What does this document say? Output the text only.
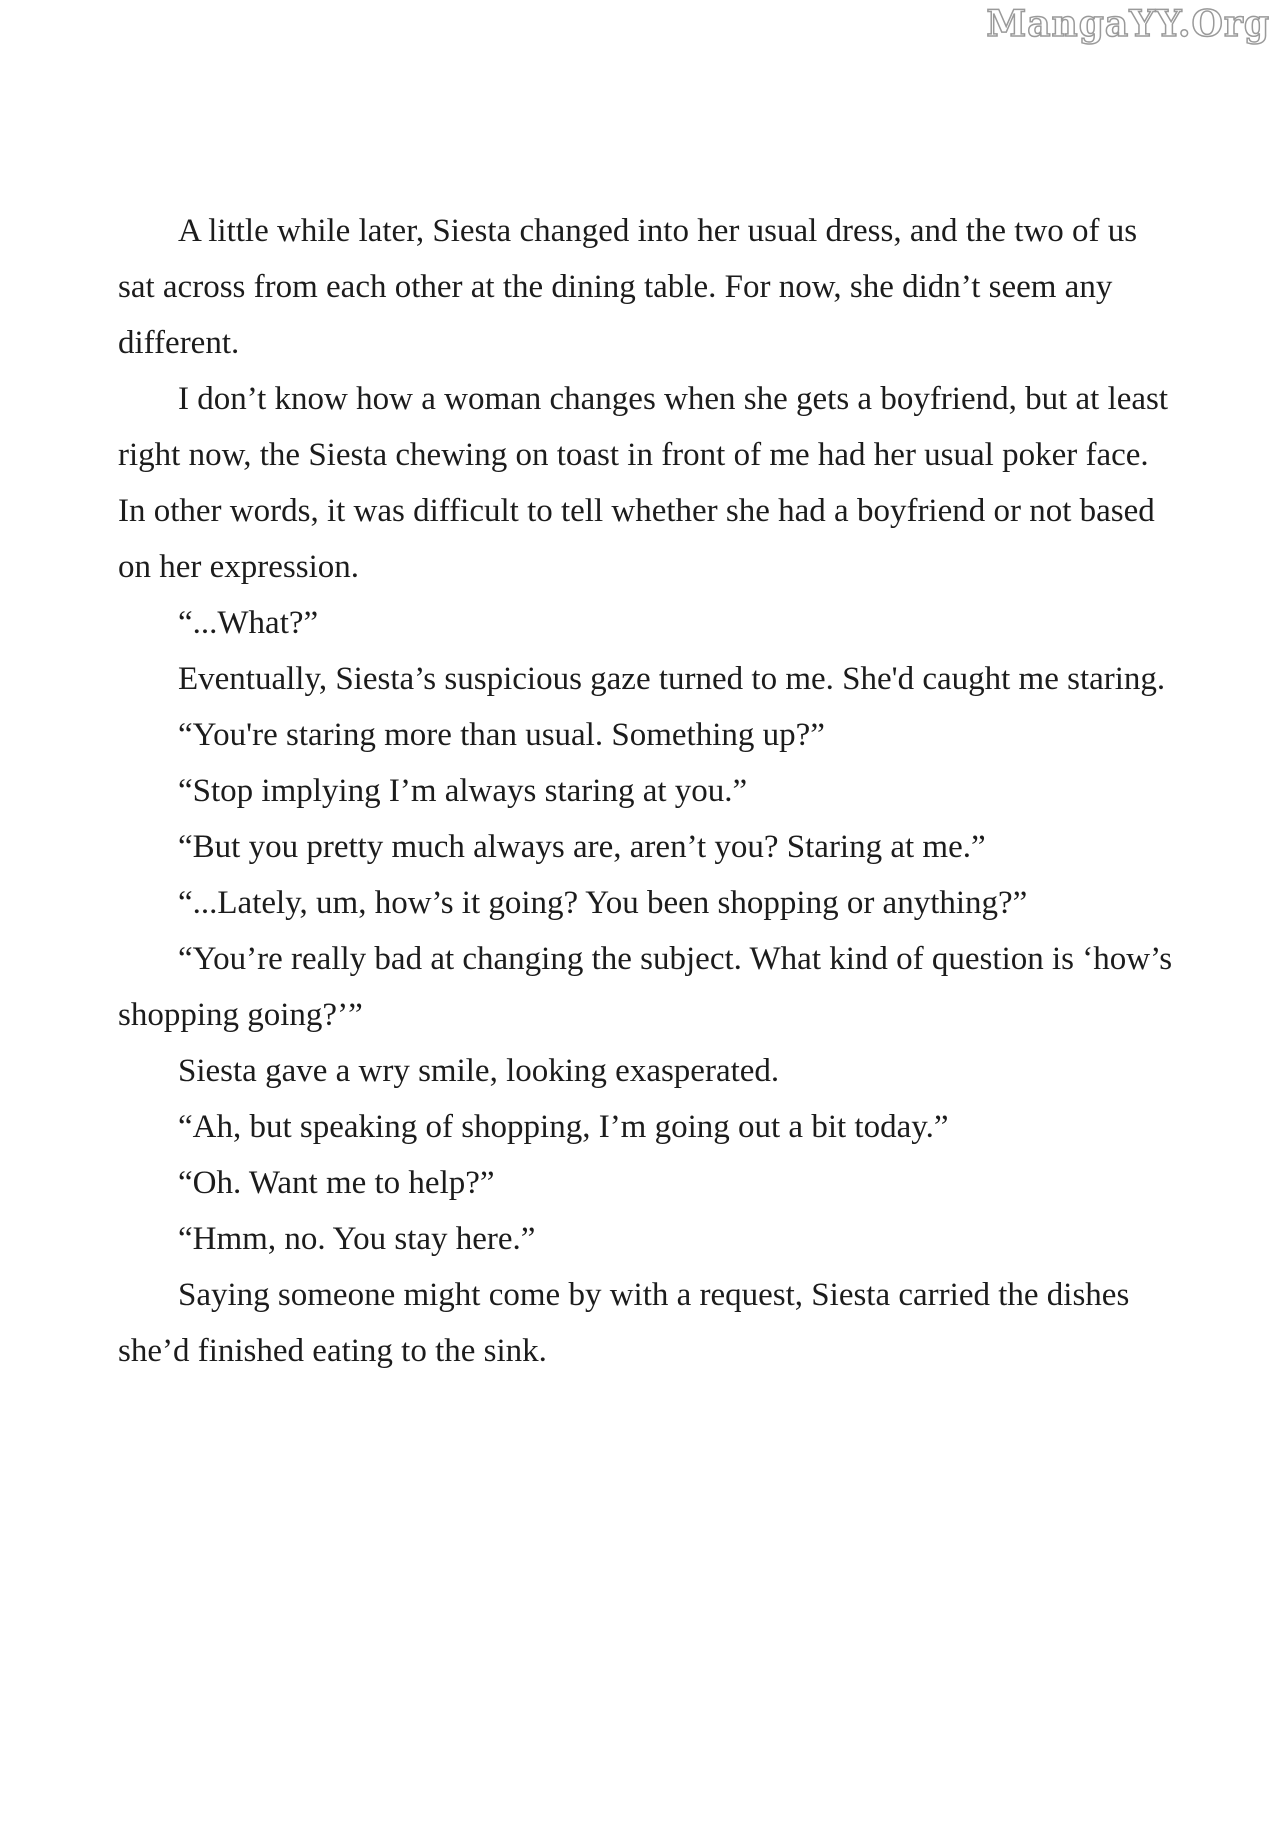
MangaYY.Org

A little while later, Siesta changed into her usual dress, and the two of us sat across from each other at the dining table. For now, she didn’t seem any different.

I don’t know how a woman changes when she gets a boyfriend, but at least right now, the Siesta chewing on toast in front of me had her usual poker face. In other words, it was difficult to tell whether she had a boyfriend or not based on her expression.

“...What?”

Eventually, Siesta’s suspicious gaze turned to me. She'd caught me staring.

“You're staring more than usual. Something up?”

“Stop implying I’m always staring at you.”

“But you pretty much always are, aren’t you? Staring at me.”

“...Lately, um, how’s it going? You been shopping or anything?”

“You’re really bad at changing the subject. What kind of question is ‘how’s shopping going?’”

Siesta gave a wry smile, looking exasperated.

“Ah, but speaking of shopping, I’m going out a bit today.”

“Oh. Want me to help?”

“Hmm, no. You stay here.”

Saying someone might come by with a request, Siesta carried the dishes she’d finished eating to the sink.
